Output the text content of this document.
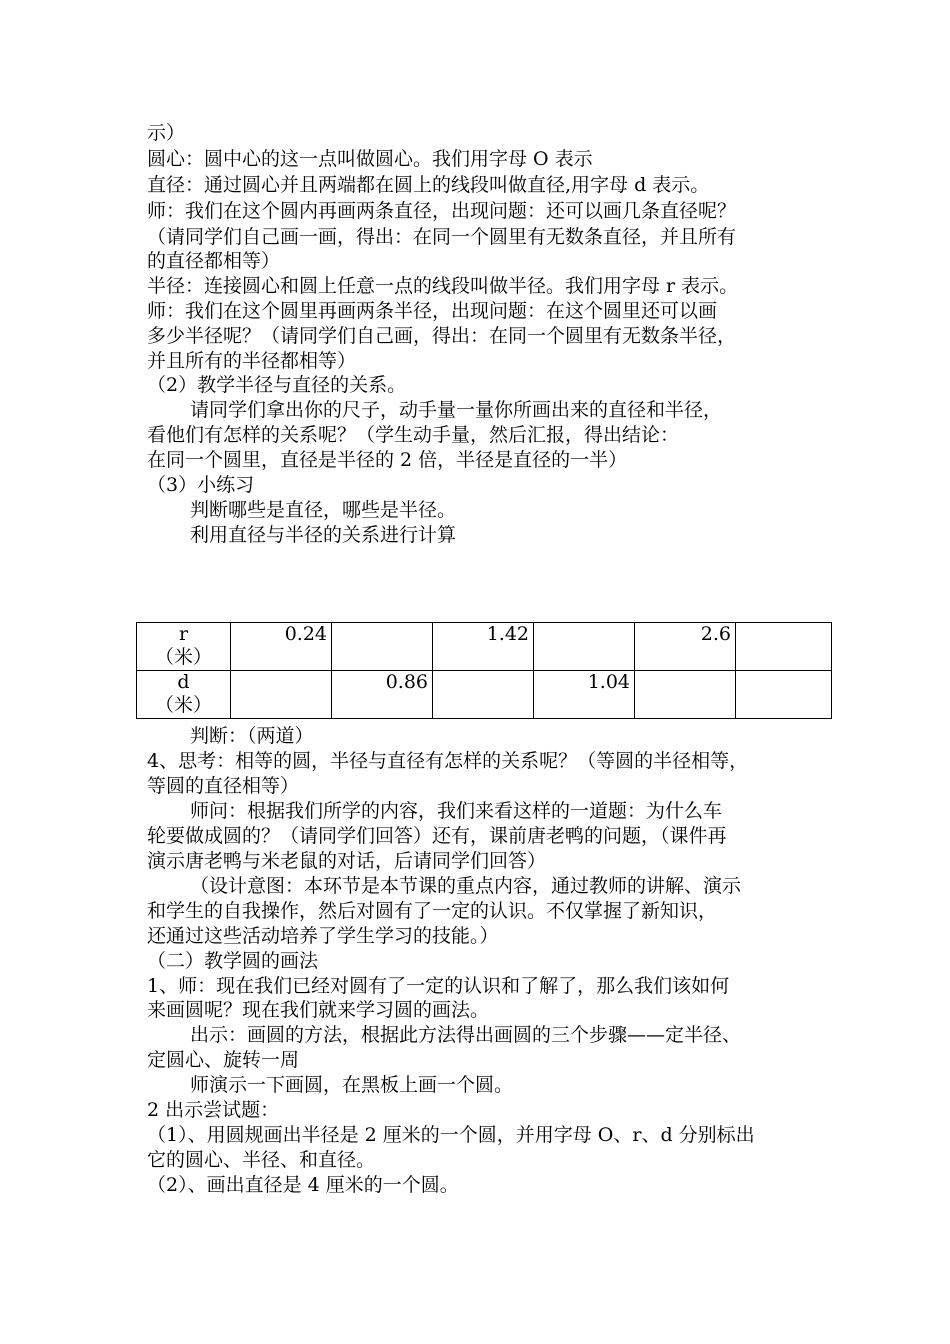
示）
圆心：圆中心的这一点叫做圆心。我们用字母 O 表示
直径：通过圆心并且两端都在圆上的线段叫做直径,用字母 d 表示。
师：我们在这个圆内再画两条直径，出现问题：还可以画几条直径呢？
（请同学们自己画一画，得出：在同一个圆里有无数条直径，并且所有
的直径都相等）
半径：连接圆心和圆上任意一点的线段叫做半径。我们用字母 r 表示。
师：我们在这个圆里再画两条半径，出现问题：在这个圆里还可以画
多少半径呢？（请同学们自己画，得出：在同一个圆里有无数条半径，
并且所有的半径都相等）
（2）教学半径与直径的关系。
请同学们拿出你的尺子，动手量一量你所画出来的直径和半径，
看他们有怎样的关系呢？（学生动手量，然后汇报，得出结论：
在同一个圆里，直径是半径的 2 倍，半径是直径的一半）
（3）小练习
判断哪些是直径，哪些是半径。
利用直径与半径的关系进行计算
r
（米）	0.24		1.42		2.6	

d
（米）		0.86		1.04		
判断：（两道）
4、思考：相等的圆，半径与直径有怎样的关系呢？（等圆的半径相等，
等圆的直径相等）
师问：根据我们所学的内容，我们来看这样的一道题：为什么车
轮要做成圆的？（请同学们回答）还有，课前唐老鸭的问题，（课件再
演示唐老鸭与米老鼠的对话，后请同学们回答）
（设计意图：本环节是本节课的重点内容，通过教师的讲解、演示
和学生的自我操作，然后对圆有了一定的认识。不仅掌握了新知识，
还通过这些活动培养了学生学习的技能。）
（二）教学圆的画法
1、师：现在我们已经对圆有了一定的认识和了解了，那么我们该如何
来画圆呢？现在我们就来学习圆的画法。
出示：画圆的方法，根据此方法得出画圆的三个步骤——定半径、
定圆心、旋转一周
师演示一下画圆，在黑板上画一个圆。
2 出示尝试题：
（1）、用圆规画出半径是 2 厘米的一个圆，并用字母 O、r、d 分别标出
它的圆心、半径、和直径。
（2）、画出直径是 4 厘米的一个圆。
